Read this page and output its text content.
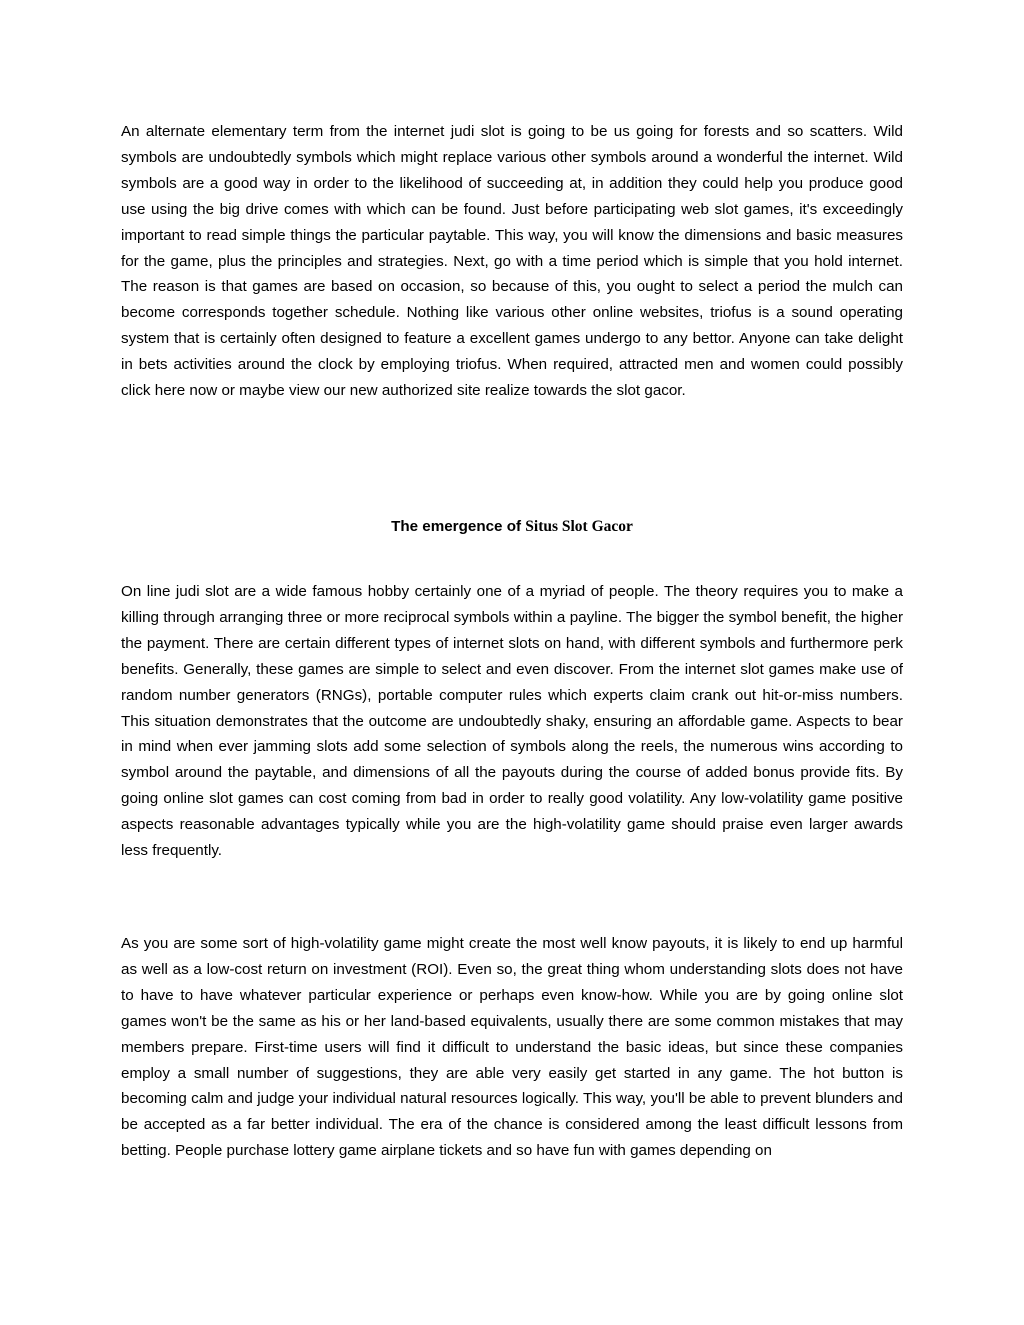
An alternate elementary term from the internet judi slot is going to be us going for forests and so scatters. Wild symbols are undoubtedly symbols which might replace various other symbols around a wonderful the internet. Wild symbols are a good way in order to the likelihood of succeeding at, in addition they could help you produce good use using the big drive comes with which can be found. Just before participating web slot games, it's exceedingly important to read simple things the particular paytable. This way, you will know the dimensions and basic measures for the game, plus the principles and strategies. Next, go with a time period which is simple that you hold internet. The reason is that games are based on occasion, so because of this, you ought to select a period the mulch can become corresponds together schedule. Nothing like various other online websites, triofus is a sound operating system that is certainly often designed to feature a excellent games undergo to any bettor. Anyone can take delight in bets activities around the clock by employing triofus. When required, attracted men and women could possibly click here now or maybe view our new authorized site realize towards the slot gacor.

The emergence of Situs Slot Gacor

On line judi slot are a wide famous hobby certainly one of a myriad of people. The theory requires you to make a killing through arranging three or more reciprocal symbols within a payline. The bigger the symbol benefit, the higher the payment. There are certain different types of internet slots on hand, with different symbols and furthermore perk benefits. Generally, these games are simple to select and even discover. From the internet slot games make use of random number generators (RNGs), portable computer rules which experts claim crank out hit-or-miss numbers. This situation demonstrates that the outcome are undoubtedly shaky, ensuring an affordable game. Aspects to bear in mind when ever jamming slots add some selection of symbols along the reels, the numerous wins according to symbol around the paytable, and dimensions of all the payouts during the course of added bonus provide fits. By going online slot games can cost coming from bad in order to really good volatility. Any low-volatility game positive aspects reasonable advantages typically while you are the high-volatility game should praise even larger awards less frequently.

As you are some sort of high-volatility game might create the most well know payouts, it is likely to end up harmful as well as a low-cost return on investment (ROI). Even so, the great thing whom understanding slots does not have to have to have whatever particular experience or perhaps even know-how. While you are by going online slot games won't be the same as his or her land-based equivalents, usually there are some common mistakes that may members prepare. First-time users will find it difficult to understand the basic ideas, but since these companies employ a small number of suggestions, they are able very easily get started in any game. The hot button is becoming calm and judge your individual natural resources logically. This way, you'll be able to prevent blunders and be accepted as a far better individual. The era of the chance is considered among the least difficult lessons from betting. People purchase lottery game airplane tickets and so have fun with games depending on
